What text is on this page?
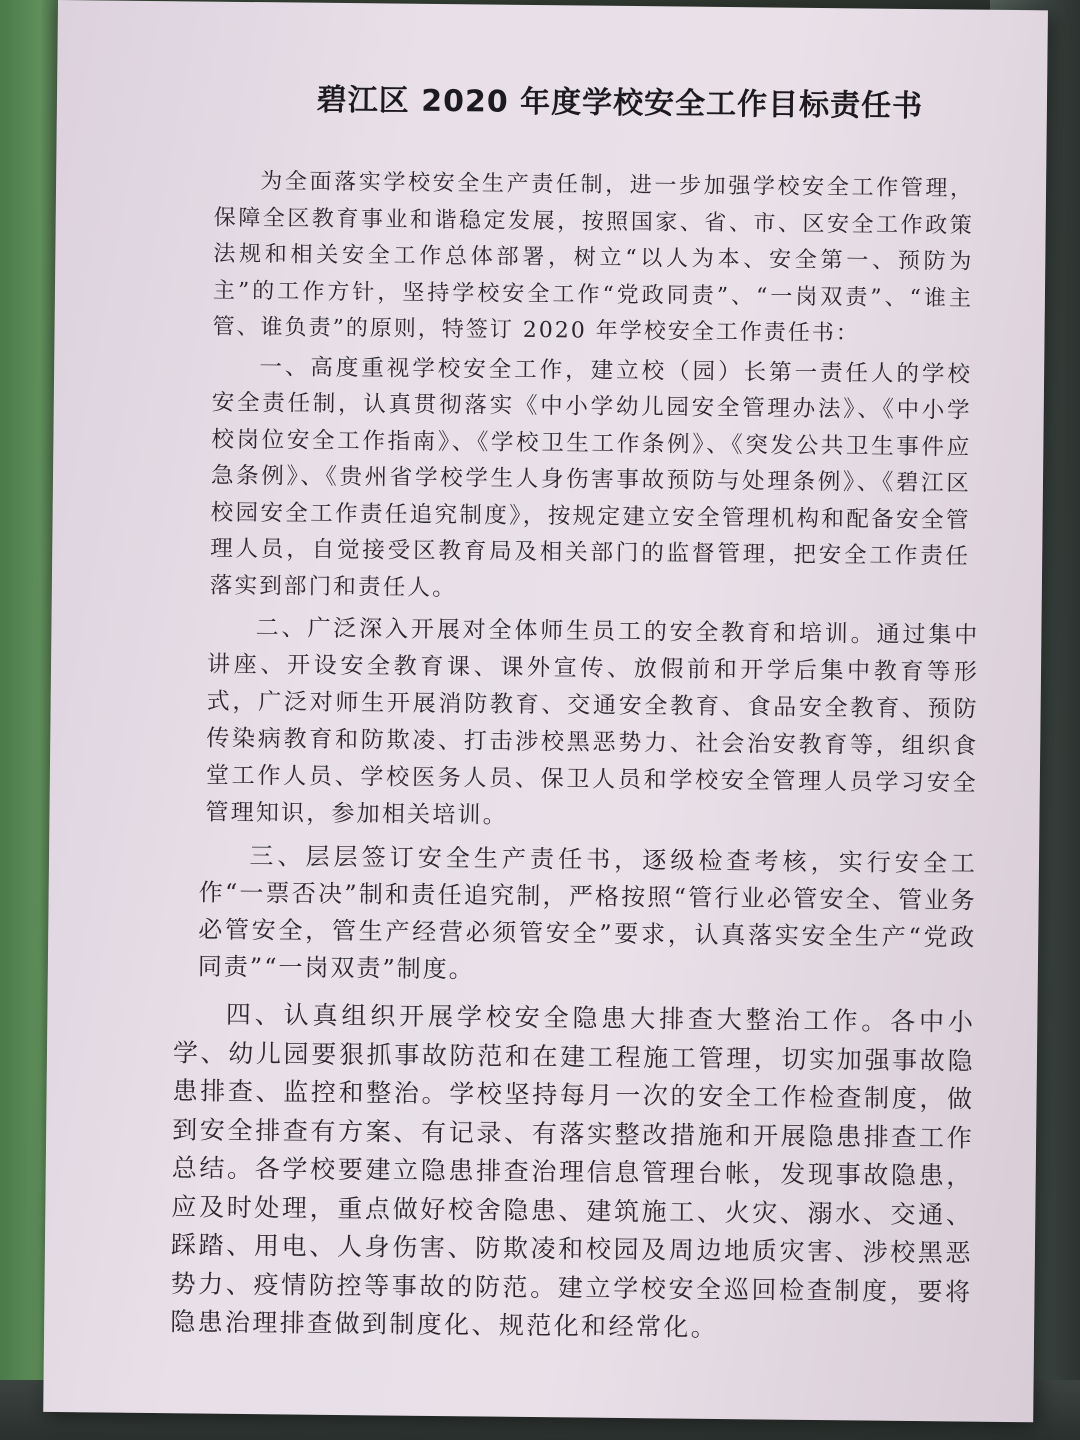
碧江区 2020 年度学校安全工作目标责任书

为全面落实学校安全生产责任制，进一步加强学校安全工作管理，保障全区教育事业和谐稳定发展，按照国家、省、市、区安全工作政策法规和相关安全工作总体部署，树立“以人为本、安全第一、预防为主”的工作方针，坚持学校安全工作“党政同责”、“一岗双责”、“谁主管、谁负责”的原则，特签订 2020 年学校安全工作责任书：

一、高度重视学校安全工作，建立校（园）长第一责任人的学校安全责任制，认真贯彻落实《中小学幼儿园安全管理办法》、《中小学校岗位安全工作指南》、《学校卫生工作条例》、《突发公共卫生事件应急条例》、《贵州省学校学生人身伤害事故预防与处理条例》、《碧江区校园安全工作责任追究制度》，按规定建立安全管理机构和配备安全管理人员，自觉接受区教育局及相关部门的监督管理，把安全工作责任落实到部门和责任人。

二、广泛深入开展对全体师生员工的安全教育和培训。通过集中讲座、开设安全教育课、课外宣传、放假前和开学后集中教育等形式，广泛对师生开展消防教育、交通安全教育、食品安全教育、预防传染病教育和防欺凌、打击涉校黑恶势力、社会治安教育等，组织食堂工作人员、学校医务人员、保卫人员和学校安全管理人员学习安全管理知识，参加相关培训。

三、层层签订安全生产责任书，逐级检查考核，实行安全工作“一票否决”制和责任追究制，严格按照“管行业必管安全、管业务必管安全，管生产经营必须管安全”要求，认真落实安全生产“党政同责”“一岗双责”制度。

四、认真组织开展学校安全隐患大排查大整治工作。各中小学、幼儿园要狠抓事故防范和在建工程施工管理，切实加强事故隐患排查、监控和整治。学校坚持每月一次的安全工作检查制度，做到安全排查有方案、有记录、有落实整改措施和开展隐患排查工作总结。各学校要建立隐患排查治理信息管理台帐，发现事故隐患，应及时处理，重点做好校舍隐患、建筑施工、火灾、溺水、交通、踩踏、用电、人身伤害、防欺凌和校园及周边地质灾害、涉校黑恶势力、疫情防控等事故的防范。建立学校安全巡回检查制度，要将隐患治理排查做到制度化、规范化和经常化。
